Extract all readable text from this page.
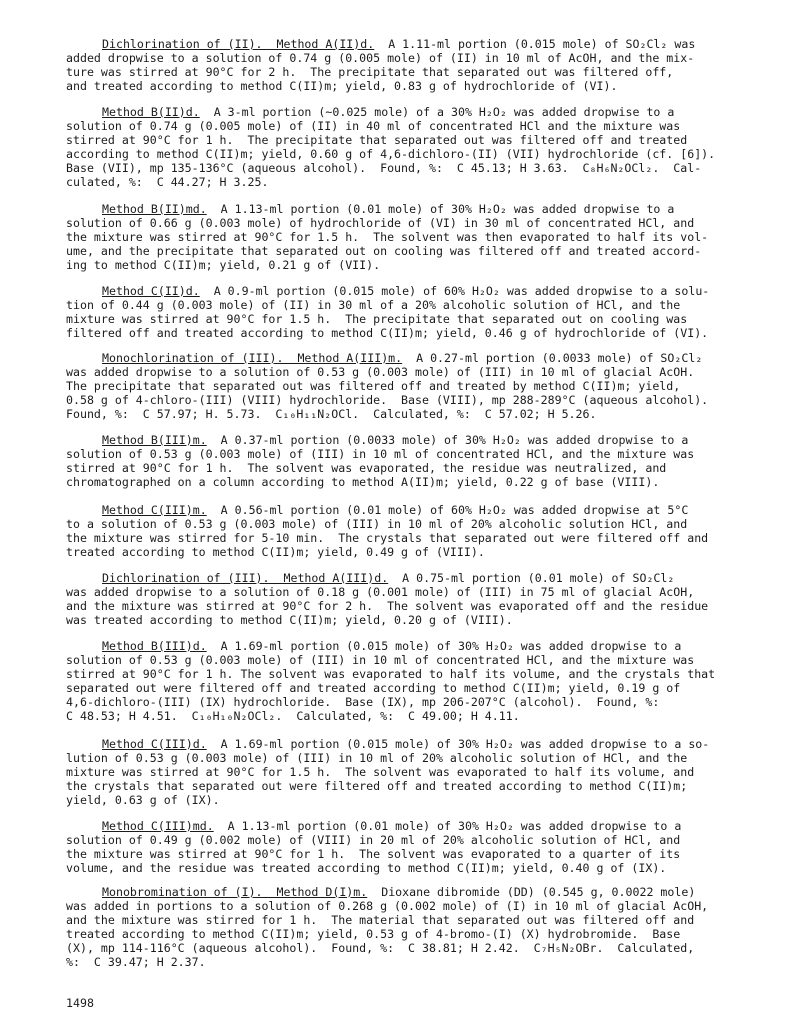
Dichlorination of (II).  Method A(II)d.  A 1.11-ml portion (0.015 mole) of SO₂Cl₂ was
added dropwise to a solution of 0.74 g (0.005 mole) of (II) in 10 ml of AcOH, and the mix-
ture was stirred at 90°C for 2 h.  The precipitate that separated out was filtered off,
and treated according to method C(II)m; yield, 0.83 g of hydrochloride of (VI).
Method B(II)d.  A 3-ml portion (~0.025 mole) of a 30% H₂O₂ was added dropwise to a
solution of 0.74 g (0.005 mole) of (II) in 40 ml of concentrated HCl and the mixture was
stirred at 90°C for 1 h.  The precipitate that separated out was filtered off and treated
according to method C(II)m; yield, 0.60 g of 4,6-dichloro-(II) (VII) hydrochloride (cf. [6]).
Base (VII), mp 135-136°C (aqueous alcohol).  Found, %:  C 45.13; H 3.63.  C₈H₆N₂OCl₂.  Cal-
culated, %:  C 44.27; H 3.25.
Method B(II)md.  A 1.13-ml portion (0.01 mole) of 30% H₂O₂ was added dropwise to a
solution of 0.66 g (0.003 mole) of hydrochloride of (VI) in 30 ml of concentrated HCl, and
the mixture was stirred at 90°C for 1.5 h.  The solvent was then evaporated to half its vol-
ume, and the precipitate that separated out on cooling was filtered off and treated accord-
ing to method C(II)m; yield, 0.21 g of (VII).
Method C(II)d.  A 0.9-ml portion (0.015 mole) of 60% H₂O₂ was added dropwise to a solu-
tion of 0.44 g (0.003 mole) of (II) in 30 ml of a 20% alcoholic solution of HCl, and the
mixture was stirred at 90°C for 1.5 h.  The precipitate that separated out on cooling was
filtered off and treated according to method C(II)m; yield, 0.46 g of hydrochloride of (VI).
Monochlorination of (III).  Method A(III)m.  A 0.27-ml portion (0.0033 mole) of SO₂Cl₂
was added dropwise to a solution of 0.53 g (0.003 mole) of (III) in 10 ml of glacial AcOH.
The precipitate that separated out was filtered off and treated by method C(II)m; yield,
0.58 g of 4-chloro-(III) (VIII) hydrochloride.  Base (VIII), mp 288-289°C (aqueous alcohol).
Found, %:  C 57.97; H. 5.73.  C₁₀H₁₁N₂OCl.  Calculated, %:  C 57.02; H 5.26.
Method B(III)m.  A 0.37-ml portion (0.0033 mole) of 30% H₂O₂ was added dropwise to a
solution of 0.53 g (0.003 mole) of (III) in 10 ml of concentrated HCl, and the mixture was
stirred at 90°C for 1 h.  The solvent was evaporated, the residue was neutralized, and
chromatographed on a column according to method A(II)m; yield, 0.22 g of base (VIII).
Method C(III)m.  A 0.56-ml portion (0.01 mole) of 60% H₂O₂ was added dropwise at 5°C
to a solution of 0.53 g (0.003 mole) of (III) in 10 ml of 20% alcoholic solution HCl, and
the mixture was stirred for 5-10 min.  The crystals that separated out were filtered off and
treated according to method C(II)m; yield, 0.49 g of (VIII).
Dichlorination of (III).  Method A(III)d.  A 0.75-ml portion (0.01 mole) of SO₂Cl₂
was added dropwise to a solution of 0.18 g (0.001 mole) of (III) in 75 ml of glacial AcOH,
and the mixture was stirred at 90°C for 2 h.  The solvent was evaporated off and the residue
was treated according to method C(II)m; yield, 0.20 g of (VIII).
Method B(III)d.  A 1.69-ml portion (0.015 mole) of 30% H₂O₂ was added dropwise to a
solution of 0.53 g (0.003 mole) of (III) in 10 ml of concentrated HCl, and the mixture was
stirred at 90°C for 1 h. The solvent was evaporated to half its volume, and the crystals that
separated out were filtered off and treated according to method C(II)m; yield, 0.19 g of
4,6-dichloro-(III) (IX) hydrochloride.  Base (IX), mp 206-207°C (alcohol).  Found, %:
C 48.53; H 4.51.  C₁₀H₁₀N₂OCl₂.  Calculated, %:  C 49.00; H 4.11.
Method C(III)d.  A 1.69-ml portion (0.015 mole) of 30% H₂O₂ was added dropwise to a so-
lution of 0.53 g (0.003 mole) of (III) in 10 ml of 20% alcoholic solution of HCl, and the
mixture was stirred at 90°C for 1.5 h.  The solvent was evaporated to half its volume, and
the crystals that separated out were filtered off and treated according to method C(II)m;
yield, 0.63 g of (IX).
Method C(III)md.  A 1.13-ml portion (0.01 mole) of 30% H₂O₂ was added dropwise to a
solution of 0.49 g (0.002 mole) of (VIII) in 20 ml of 20% alcoholic solution of HCl, and
the mixture was stirred at 90°C for 1 h.  The solvent was evaporated to a quarter of its
volume, and the residue was treated according to method C(II)m; yield, 0.40 g of (IX).
Monobromination of (I).  Method D(I)m.  Dioxane dibromide (DD) (0.545 g, 0.0022 mole)
was added in portions to a solution of 0.268 g (0.002 mole) of (I) in 10 ml of glacial AcOH,
and the mixture was stirred for 1 h.  The material that separated out was filtered off and
treated according to method C(II)m; yield, 0.53 g of 4-bromo-(I) (X) hydrobromide.  Base
(X), mp 114-116°C (aqueous alcohol).  Found, %:  C 38.81; H 2.42.  C₇H₅N₂OBr.  Calculated,
%:  C 39.47; H 2.37.
1498
